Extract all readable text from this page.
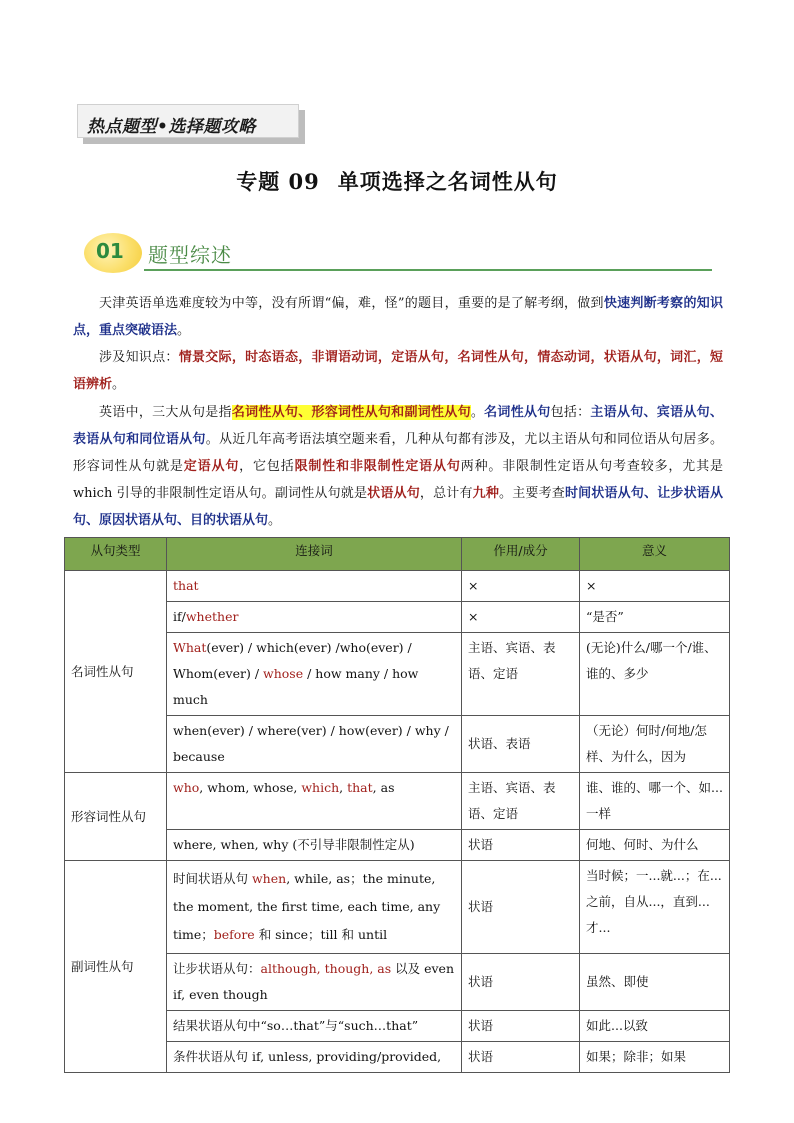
热点题型•选择题攻略
专题 09 单项选择之名词性从句
01 题型综述
天津英语单选难度较为中等，没有所谓“偏，难，怪”的题目，重要的是了解考纲，做到快速判断考察的知识点，重点突破语法。
涉及知识点：情景交际，时态语态，非谓语动词，定语从句，名词性从句，情态动词，状语从句，词汇，短语辨析。
英语中，三大从句是指名词性从句、形容词性从句和副词性从句。名词性从句包括：主语从句、宾语从句、表语从句和同位语从句。从近几年高考语法填空题来看，几种从句都有涉及，尤以主语从句和同位语从句居多。形容词性从句就是定语从句，它包括限制性和非限制性定语从句两种。非限制性定语从句考查较多，尤其是 which 引导的非限制性定语从句。副词性从句就是状语从句，总计有九种。主要考查时间状语从句、让步状语从句、原因状语从句、目的状语从句。
从句类型	连接词	作用/成分	意义
名词性从句	that	×	×
	if/whether	×	“是否”
	What(ever) / which(ever) /who(ever) / Whom(ever) / whose / how many / how much	主语、宾语、表语、定语	(无论)什么/哪一个/谁、谁的、多少
	when(ever) / where(ver) / how(ever) / why / because	状语、表语	（无论）何时/何地/怎样、为什么，因为
形容词性从句	who, whom, whose, which, that, as	主语、宾语、表语、定语	谁、谁的、哪一个、如...一样
	where, when, why (不引导非限制性定从)	状语	何地、何时、为什么
副词性从句	时间状语从句 when, while, as；the minute, the moment, the first time, each time, any time；before 和 since；till 和 until	状语	当时候；一...就...；在...之前，自从...，直到...才...
	让步状语从句：although, though, as 以及 even if, even though	状语	虽然、即使
	结果状语从句中“so…that”与“such…that”	状语	如此...以致
	条件状语从句 if, unless, providing/provided,	状语	如果；除非；如果
